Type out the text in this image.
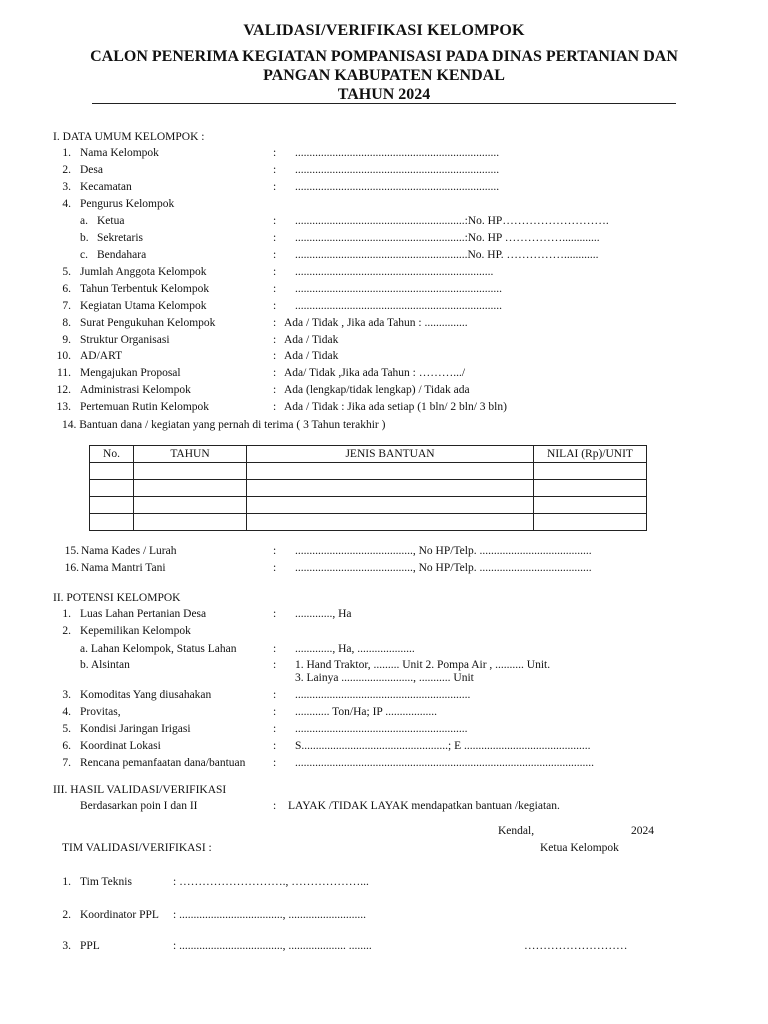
VALIDASI/VERIFIKASI KELOMPOK
CALON PENERIMA KEGIATAN POMPANISASI PADA DINAS PERTANIAN DAN
PANGAN KABUPATEN KENDAL
TAHUN 2024
I. DATA UMUM KELOMPOK :
1. Nama Kelompok	: .......................................................................
2. Desa	: .......................................................................
3. Kecamatan	: .......................................................................
4. Pengurus Kelompok
a. Ketua	: ...........................................................:No. HP……………………….
b. Sekretaris	: ...........................................................:No. HP …………….............
c. Bendahara	: ............................................................No. HP. ……………............
5. Jumlah Anggota Kelompok	: .....................................................................
6. Tahun Terbentuk Kelompok	: ........................................................................
7. Kegiatan Utama Kelompok	: ........................................................................
8. Surat Pengukuhan Kelompok	: Ada / Tidak , Jika ada Tahun : ...............
9. Struktur Organisasi	: Ada / Tidak
10. AD/ART	: Ada / Tidak
11. Mengajukan Proposal	: Ada/ Tidak ,Jika ada Tahun : ……….../
12. Administrasi Kelompok	: Ada (lengkap/tidak lengkap) / Tidak ada
13. Pertemuan Rutin Kelompok	: Ada / Tidak : Jika ada setiap (1 bln/ 2 bln/ 3 bln)
14. Bantuan dana / kegiatan yang pernah di terima ( 3 Tahun terakhir )
No.	TAHUN	JENIS BANTUAN	NILAI (Rp)/UNIT

15. Nama Kades / Lurah	: ........................................., No HP/Telp. .......................................
16. Nama Mantri Tani	: ........................................., No HP/Telp. .......................................
II. POTENSI KELOMPOK
1. Luas Lahan Pertanian Desa	: ............., Ha
2. Kepemilikan Kelompok
a. Lahan Kelompok, Status Lahan	: ............., Ha, ....................
b. Alsintan	: 1. Hand Traktor, ......... Unit 2. Pompa Air , .......... Unit.
3. Lainya ........................., ........... Unit
3. Komoditas Yang diusahakan	: .............................................................
4. Provitas,	: ............ Ton/Ha; IP ..................
5. Kondisi Jaringan Irigasi	: ............................................................
6. Koordinat Lokasi	: S...................................................; E ............................................
7. Rencana pemanfaatan dana/bantuan : ........................................................................................................
III. HASIL VALIDASI/VERIFIKASI
Berdasarkan poin I dan II	: LAYAK /TIDAK LAYAK mendapatkan bantuan /kegiatan.
Kendal,	2024
TIM VALIDASI/VERIFIKASI :	Ketua Kelompok
1. Tim Teknis	: ………………………., ………………...
2. Koordinator PPL : ...................................., ...........................
3. PPL	: ...................................., .................... ........	………………………
